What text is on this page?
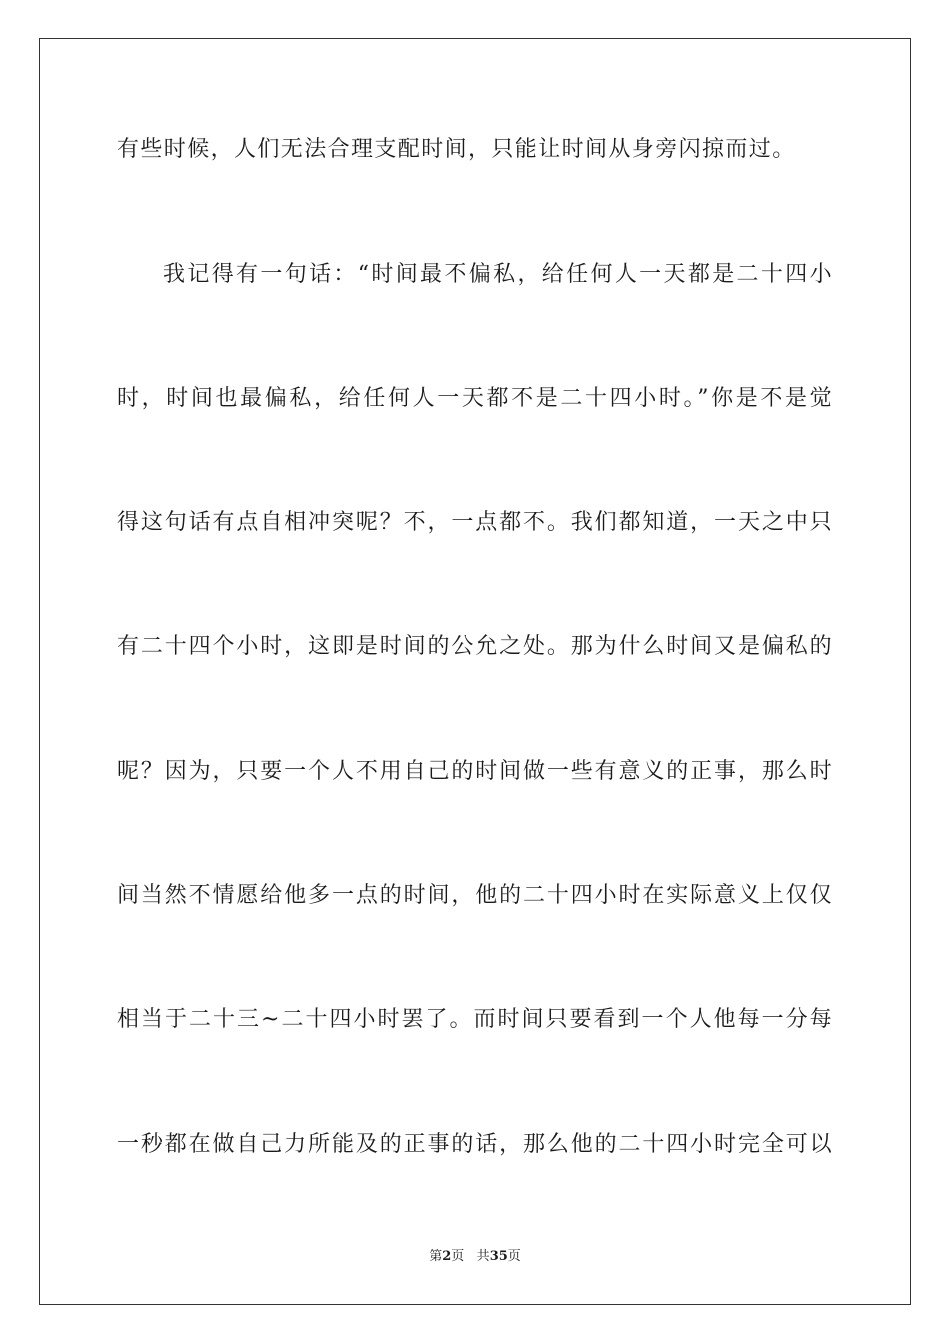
有些时候，人们无法合理支配时间，只能让时间从身旁闪掠而过。
我记得有一句话：“时间最不偏私，给任何人一天都是二十四小
时，时间也最偏私，给任何人一天都不是二十四小时。”你是不是觉
得这句话有点自相冲突呢？不，一点都不。我们都知道，一天之中只
有二十四个小时，这即是时间的公允之处。那为什么时间又是偏私的
呢？因为，只要一个人不用自己的时间做一些有意义的正事，那么时
间当然不情愿给他多一点的时间，他的二十四小时在实际意义上仅仅
相当于二十三~二十四小时罢了。而时间只要看到一个人他每一分每
一秒都在做自己力所能及的正事的话，那么他的二十四小时完全可以
第2页 共35页
